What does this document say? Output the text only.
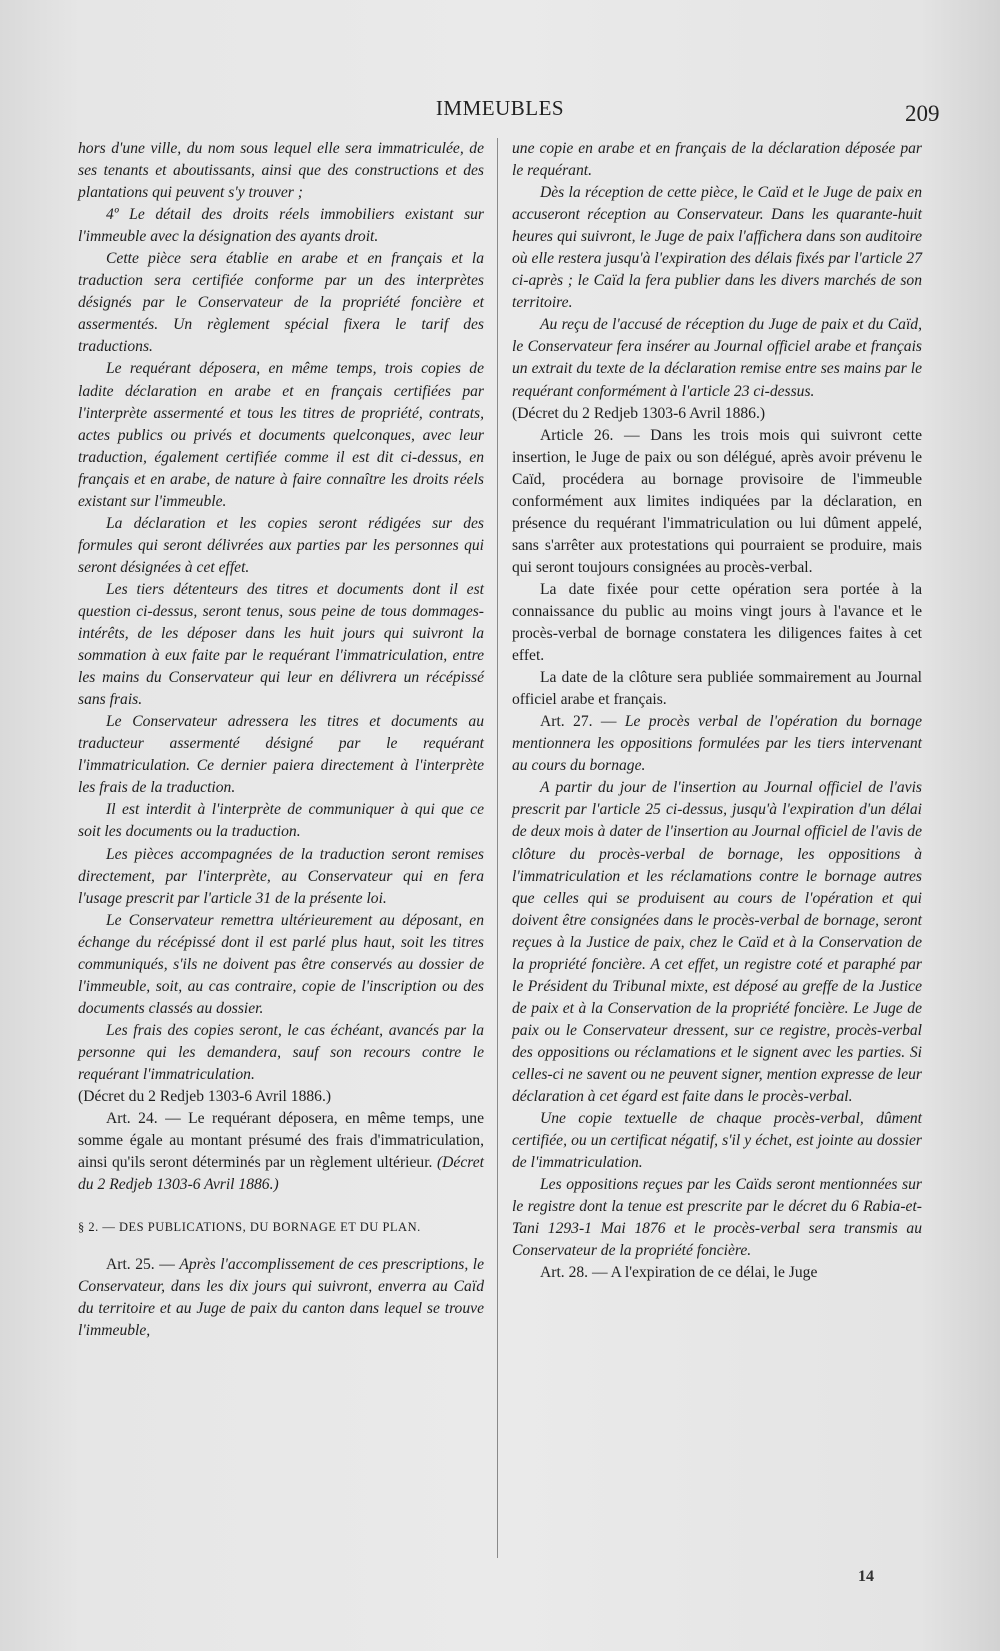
IMMEUBLES	209

hors d'une ville, du nom sous lequel elle sera immatriculée, de ses tenants et aboutissants, ainsi que des constructions et des plantations qui peuvent s'y trouver ;

4º Le détail des droits réels immobiliers existant sur l'immeuble avec la désignation des ayants droit.

Cette pièce sera établie en arabe et en français et la traduction sera certifiée conforme par un des interprètes désignés par le Conservateur de la propriété foncière et assermentés. Un règlement spécial fixera le tarif des traductions.

Le requérant déposera, en même temps, trois copies de ladite déclaration en arabe et en français certifiées par l'interprète assermenté et tous les titres de propriété, contrats, actes publics ou privés et documents quelconques, avec leur traduction, également certifiée comme il est dit ci-dessus, en français et en arabe, de nature à faire connaître les droits réels existant sur l'immeuble.

La déclaration et les copies seront rédigées sur des formules qui seront délivrées aux parties par les personnes qui seront désignées à cet effet.

Les tiers détenteurs des titres et documents dont il est question ci-dessus, seront tenus, sous peine de tous dommages-intérêts, de les déposer dans les huit jours qui suivront la sommation à eux faite par le requérant l'immatriculation, entre les mains du Conservateur qui leur en délivrera un récépissé sans frais.

Le Conservateur adressera les titres et documents au traducteur assermenté désigné par le requérant l'immatriculation. Ce dernier paiera directement à l'interprète les frais de la traduction.

Il est interdit à l'interprète de communiquer à qui que ce soit les documents ou la traduction.

Les pièces accompagnées de la traduction seront remises directement, par l'interprète, au Conservateur qui en fera l'usage prescrit par l'article 31 de la présente loi.

Le Conservateur remettra ultérieurement au déposant, en échange du récépissé dont il est parlé plus haut, soit les titres communiqués, s'ils ne doivent pas être conservés au dossier de l'immeuble, soit, au cas contraire, copie de l'inscription ou des documents classés au dossier.

Les frais des copies seront, le cas échéant, avancés par la personne qui les demandera, sauf son recours contre le requérant l'immatriculation.

(Décret du 2 Redjeb 1303-6 Avril 1886.)

Art. 24. — Le requérant déposera, en même temps, une somme égale au montant présumé des frais d'immatriculation, ainsi qu'ils seront déterminés par un règlement ultérieur. (Décret du 2 Redjeb 1303-6 Avril 1886.)

§ 2. — DES PUBLICATIONS, DU BORNAGE ET DU PLAN.

Art. 25. — Après l'accomplissement de ces prescriptions, le Conservateur, dans les dix jours qui suivront, enverra au Caïd du territoire et au Juge de paix du canton dans lequel se trouve l'immeuble,

une copie en arabe et en français de la déclaration déposée par le requérant.

Dès la réception de cette pièce, le Caïd et le Juge de paix en accuseront réception au Conservateur. Dans les quarante-huit heures qui suivront, le Juge de paix l'affichera dans son auditoire où elle restera jusqu'à l'expiration des délais fixés par l'article 27 ci-après ; le Caïd la fera publier dans les divers marchés de son territoire.

Au reçu de l'accusé de réception du Juge de paix et du Caïd, le Conservateur fera insérer au Journal officiel arabe et français un extrait du texte de la déclaration remise entre ses mains par le requérant conformément à l'article 23 ci-dessus.

(Décret du 2 Redjeb 1303-6 Avril 1886.)

Article 26. — Dans les trois mois qui suivront cette insertion, le Juge de paix ou son délégué, après avoir prévenu le Caïd, procédera au bornage provisoire de l'immeuble conformément aux limites indiquées par la déclaration, en présence du requérant l'immatriculation ou lui dûment appelé, sans s'arrêter aux protestations qui pourraient se produire, mais qui seront toujours consignées au procès-verbal.

La date fixée pour cette opération sera portée à la connaissance du public au moins vingt jours à l'avance et le procès-verbal de bornage constatera les diligences faites à cet effet.

La date de la clôture sera publiée sommairement au Journal officiel arabe et français.

Art. 27. — Le procès verbal de l'opération du bornage mentionnera les oppositions formulées par les tiers intervenant au cours du bornage.

A partir du jour de l'insertion au Journal officiel de l'avis prescrit par l'article 25 ci-dessus, jusqu'à l'expiration d'un délai de deux mois à dater de l'insertion au Journal officiel de l'avis de clôture du procès-verbal de bornage, les oppositions à l'immatriculation et les réclamations contre le bornage autres que celles qui se produisent au cours de l'opération et qui doivent être consignées dans le procès-verbal de bornage, seront reçues à la Justice de paix, chez le Caïd et à la Conservation de la propriété foncière. A cet effet, un registre coté et paraphé par le Président du Tribunal mixte, est déposé au greffe de la Justice de paix et à la Conservation de la propriété foncière. Le Juge de paix ou le Conservateur dressent, sur ce registre, procès-verbal des oppositions ou réclamations et le signent avec les parties. Si celles-ci ne savent ou ne peuvent signer, mention expresse de leur déclaration à cet égard est faite dans le procès-verbal.

Une copie textuelle de chaque procès-verbal, dûment certifiée, ou un certificat négatif, s'il y échet, est jointe au dossier de l'immatriculation.

Les oppositions reçues par les Caïds seront mentionnées sur le registre dont la tenue est prescrite par le décret du 6 Rabia-et-Tani 1293-1 Mai 1876 et le procès-verbal sera transmis au Conservateur de la propriété foncière.

Art. 28. — A l'expiration de ce délai, le Juge

14
